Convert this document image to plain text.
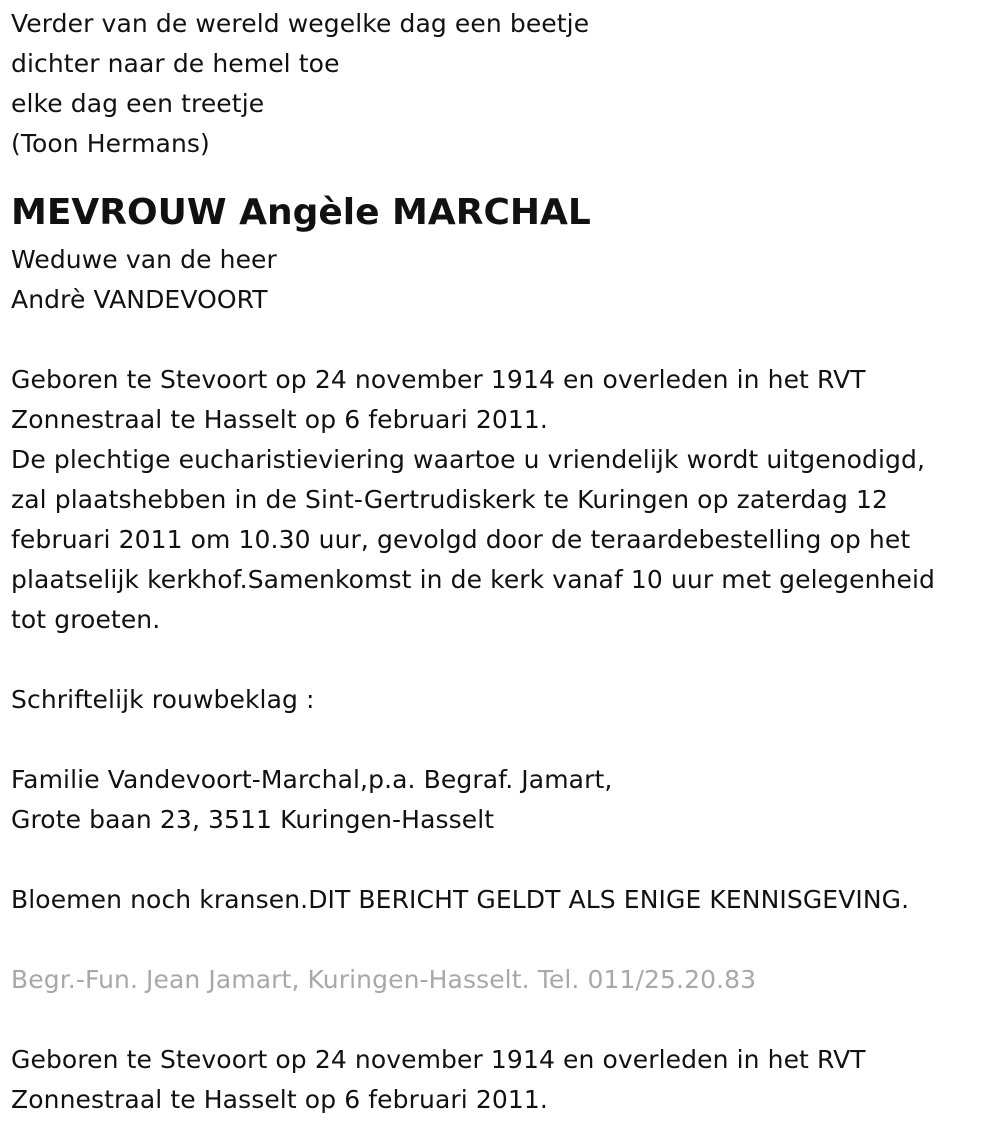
Verder van de wereld wegelke dag een beetje
dichter naar de hemel toe
elke dag een treetje
(Toon Hermans)
MEVROUW Angèle MARCHAL
Weduwe van de heer
Andrè VANDEVOORT
Geboren te Stevoort op 24 november 1914 en overleden in het RVT
Zonnestraal te Hasselt op 6 februari 2011.
De plechtige eucharistieviering waartoe u vriendelijk wordt uitgenodigd,
zal plaatshebben in de Sint-Gertrudiskerk te Kuringen op zaterdag 12
februari 2011 om 10.30 uur, gevolgd door de teraardebestelling op het
plaatselijk kerkhof.Samenkomst in de kerk vanaf 10 uur met gelegenheid
tot groeten.
Schriftelijk rouwbeklag :
Familie Vandevoort-Marchal,p.a. Begraf. Jamart,
Grote baan 23, 3511 Kuringen-Hasselt
Bloemen noch kransen.DIT BERICHT GELDT ALS ENIGE KENNISGEVING.
Begr.-Fun. Jean Jamart, Kuringen-Hasselt. Tel. 011/25.20.83
Geboren te Stevoort op 24 november 1914 en overleden in het RVT
Zonnestraal te Hasselt op 6 februari 2011.
